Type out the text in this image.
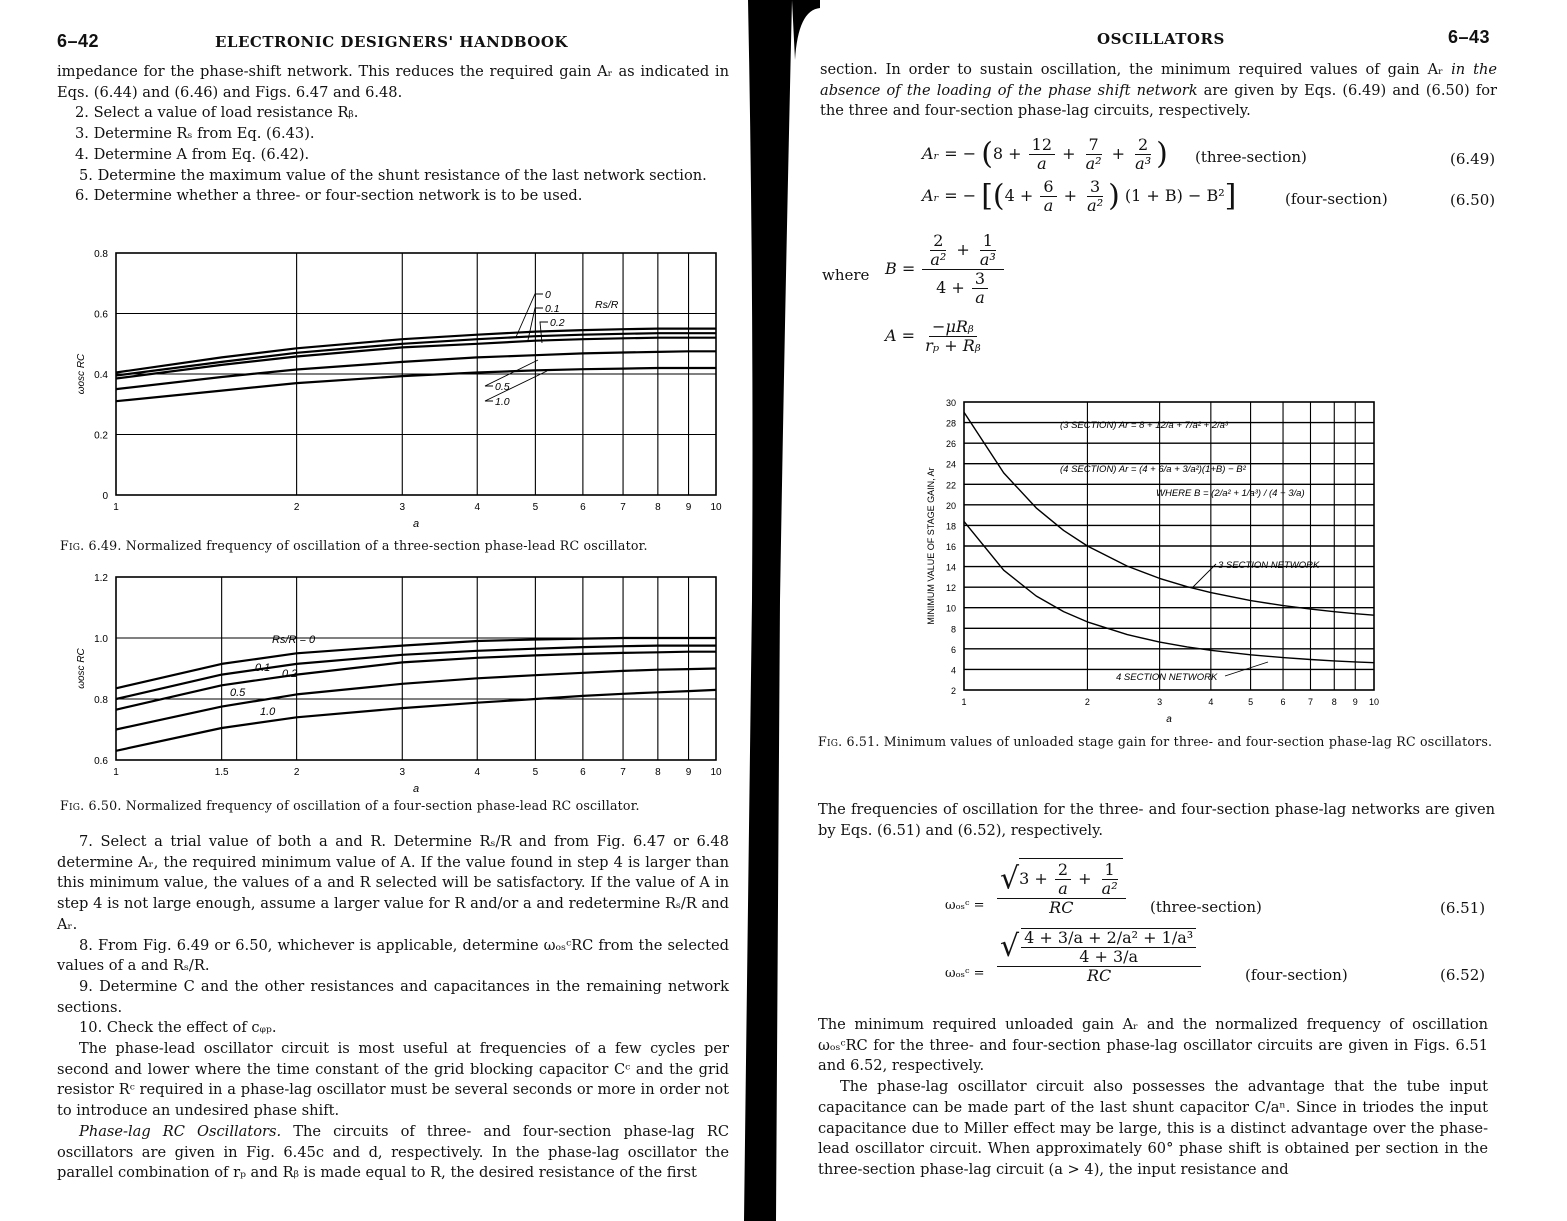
6–42	ELECTRONIC DESIGNERS' HANDBOOK

impedance for the phase-shift network. This reduces the required gain Aᵣ as indicated in Eqs. (6.44) and (6.46) and Figs. 6.47 and 6.48.

2. Select a value of load resistance Rᵦ.

3. Determine Rₛ from Eq. (6.43).

4. Determine A from Eq. (6.42).

5. Determine the maximum value of the shunt resistance of the last network section.

6. Determine whether a three- or four-section network is to be used.

1	2	3	4	5	6	7	8	9 10
0
0.2
0.4
0.6
0.8
a
ωosc RC
0
0.1
0.2
0.5
1.0
Rs/R
Fig. 6.49. Normalized frequency of oscillation of a three-section phase-lead RC oscillator.
1	1.5	2	3	4	5	6	7	8	9 10
0.6
0.8
1.0
1.2
a
ωosc RC
Rs/R = 0
0.1 0.2
0.5
1.0
Fig. 6.50. Normalized frequency of oscillation of a four-section phase-lead RC oscillator.

7. Select a trial value of both a and R. Determine Rₛ/R and from Fig. 6.47 or 6.48 determine Aᵣ, the required minimum value of A. If the value found in step 4 is larger than this minimum value, the values of a and R selected will be satisfactory. If the value of A in step 4 is not large enough, assume a larger value for R and/or a and redetermine Rₛ/R and Aᵣ.

8. From Fig. 6.49 or 6.50, whichever is applicable, determine ωₒₛᶜRC from the selected values of a and Rₛ/R.

9. Determine C and the other resistances and capacitances in the remaining network sections.

10. Check the effect of cᵩₚ.

The phase-lead oscillator circuit is most useful at frequencies of a few cycles per second and lower where the time constant of the grid blocking capacitor Cᶜ and the grid resistor Rᶜ required in a phase-lag oscillator must be several seconds or more in order not to introduce an undesired phase shift.

Phase-lag RC Oscillators. The circuits of three- and four-section phase-lag RC oscillators are given in Fig. 6.45c and d, respectively. In the phase-lag oscillator the parallel combination of rₚ and Rᵦ is made equal to R, the desired resistance of the first

OSCILLATORS	6–43

section. In order to sustain oscillation, the minimum required values of gain Aᵣ in the absence of the loading of the phase shift network are given by Eqs. (6.49) and (6.50) for the three and four-section phase-lag circuits, respectively.

Aᵣ = − ($8 + \frac{12}{a} + \frac{7}{\text{a²}} + \frac{2}{\text{a³}}$ ) (three-section)	(6.49)
Aᵣ = − [($4 + \frac{6}{a} + \frac{3}{\text{a²}}$ ) (1 + B) − B²]	(four-section)	(6.50)
where $B = \frac{\frac{2}{\text{a²}} + \frac{1}{\text{a³}}}{4 + \frac{3}{a}}$
$A = \frac{\text{−μRᵦ}}{\text{rₚ + Rᵦ}}$
1	2	3	4	5	6 7 8 9 10
2
4
6
8
10
12
14
16
18
20
22
24
26
28
30
a
MINIMUM VALUE OF STAGE GAIN, Ar
(3 SECTION) Ar = 8 + 12/a + 7/a² + 2/a³
(4 SECTION) Ar = (4 + 6/a + 3/a²)(1+B) − B²
WHERE B = (2/a² + 1/a³) / (4 + 3/a)
3 SECTION NETWORK
4 SECTION NETWORK
Fig. 6.51. Minimum values of unloaded stage gain for three- and four-section phase-lag RC oscillators.
The frequencies of oscillation for the three- and four-section phase-lag networks are given by Eqs. (6.51) and (6.52), respectively.
ωₒₛᶜ = $\frac{√3 + \frac{2}{a} + \frac{1}{\text{a²}}}{RC}$ (three-section)	(6.51)
ωₒₛᶜ = $\frac{√ \frac{\text{4 + 3/a + 2/a² + 1/a³}}{4 + 3/a}}{RC}$	(four-section)	(6.52)

The minimum required unloaded gain Aᵣ and the normalized frequency of oscillation ωₒₛᶜRC for the three- and four-section phase-lag oscillator circuits are given in Figs. 6.51 and 6.52, respectively.

The phase-lag oscillator circuit also possesses the advantage that the tube input capacitance can be made part of the last shunt capacitor C/aⁿ. Since in triodes the input capacitance due to Miller effect may be large, this is a distinct advantage over the phase-lead oscillator circuit. When approximately 60° phase shift is obtained per section in the three-section phase-lag circuit (a > 4), the input resistance and
